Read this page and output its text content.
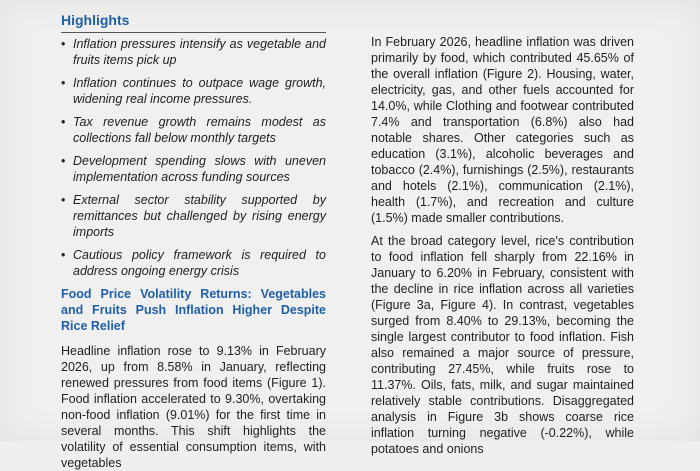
Highlights
• Inflation pressures intensify as vegetable and fruits items pick up
• Inflation continues to outpace wage growth, widening real income pressures.
• Tax revenue growth remains modest as collections fall below monthly targets
• Development spending slows with uneven implementation across funding sources
• External sector stability supported by remittances but challenged by rising energy imports
• Cautious policy framework is required to address ongoing energy crisis
Food Price Volatility Returns: Vegetables and Fruits Push Inflation Higher Despite Rice Relief

Headline inflation rose to 9.13% in February 2026, up from 8.58% in January, reflecting renewed pressures from food items (Figure 1). Food inflation accelerated to 9.30%, overtaking non-food inflation (9.01%) for the first time in several months. This shift highlights the volatility of essential consumption items, with vegetables

In February 2026, headline inflation was driven primarily by food, which contributed 45.65% of the overall inflation (Figure 2). Housing, water, electricity, gas, and other fuels accounted for 14.0%, while Clothing and footwear contributed 7.4% and transportation (6.8%) also had notable shares. Other categories such as education (3.1%), alcoholic beverages and tobacco (2.4%), furnishings (2.5%), restaurants and hotels (2.1%), communication (2.1%), health (1.7%), and recreation and culture (1.5%) made smaller contributions.

At the broad category level, rice's contribution to food inflation fell sharply from 22.16% in January to 6.20% in February, consistent with the decline in rice inflation across all varieties (Figure 3a, Figure 4). In contrast, vegetables surged from 8.40% to 29.13%, becoming the single largest contributor to food inflation. Fish also remained a major source of pressure, contributing 27.45%, while fruits rose to 11.37%. Oils, fats, milk, and sugar maintained relatively stable contributions. Disaggregated analysis in Figure 3b shows coarse rice inflation turning negative (-0.22%), while potatoes and onions
